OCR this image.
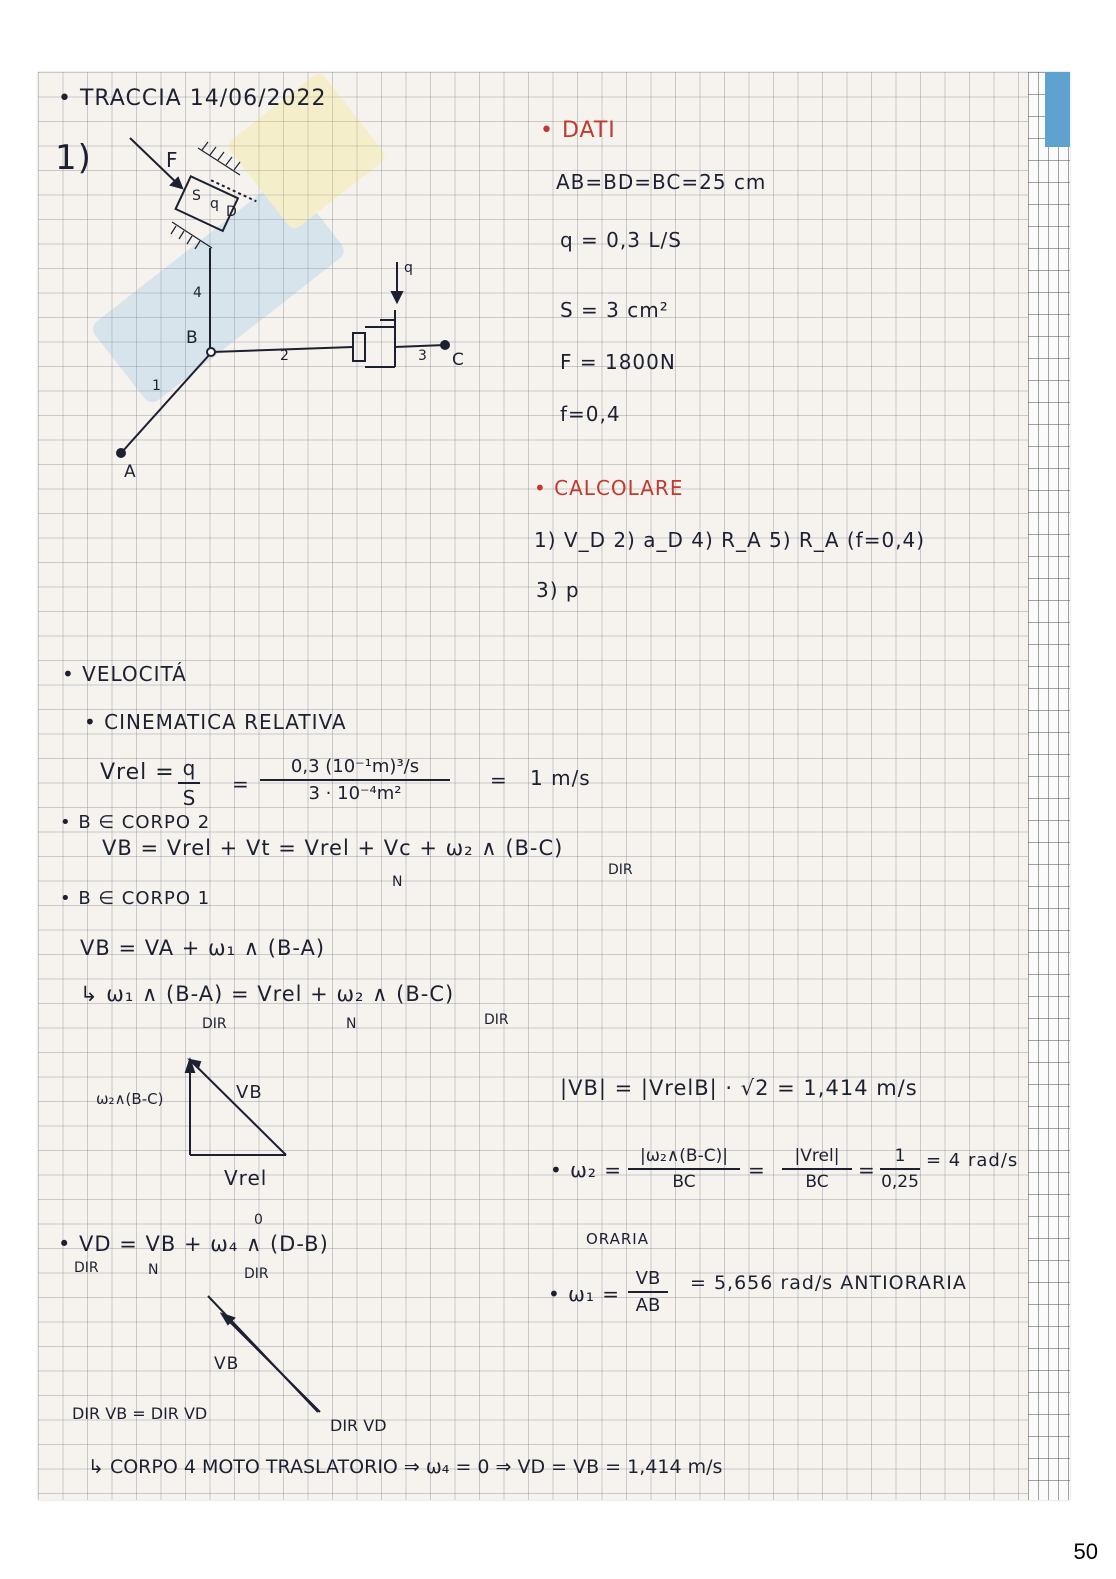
• TRACCIA 14/06/2022
1)	F
S q D
q
4
B
2	3 C
1
A
• DATI
AB=BD=BC=25 cm
q = 0,3 L/S
S = 3 cm²
F = 1800N
f=0,4
• CALCOLARE
1) V_D 2) a_D 4) R_A 5) R_A (f=0,4)
3) p
• VELOCITÁ
• CINEMATICA RELATIVA
Vrel = q
S
=
0,3 (10⁻¹m)³/s
3 · 10⁻⁴m²
= 1 m/s
• B ∈ CORPO 2
VB = Vrel + Vt = Vrel + Vc + ω₂ ∧ (B-C)
N
DIR
• B ∈ CORPO 1
VB = VA + ω₁ ∧ (B-A)
↳ ω₁ ∧ (B-A) = Vrel + ω₂ ∧ (B-C)
DIR	N	DIR
ω₂∧(B-C)	VB
Vrel
|VB| = |VrelB| · √2 = 1,414 m/s
• ω₂ =
|ω₂∧(B-C)|
BC	=
|Vrel|
BC	=
1
0,25
= 4 rad/s
ORARIA
• ω₁ =
VB
AB
= 5,656 rad/s ANTIORARIA
• VD = VB + ω₄ ∧ (D-B)
0
DIR	N	DIR
VB
DIR VB = DIR VD
DIR VD
↳ CORPO 4 MOTO TRASLATORIO ⇒ ω₄ = 0 ⇒ VD = VB = 1,414 m/s
50
